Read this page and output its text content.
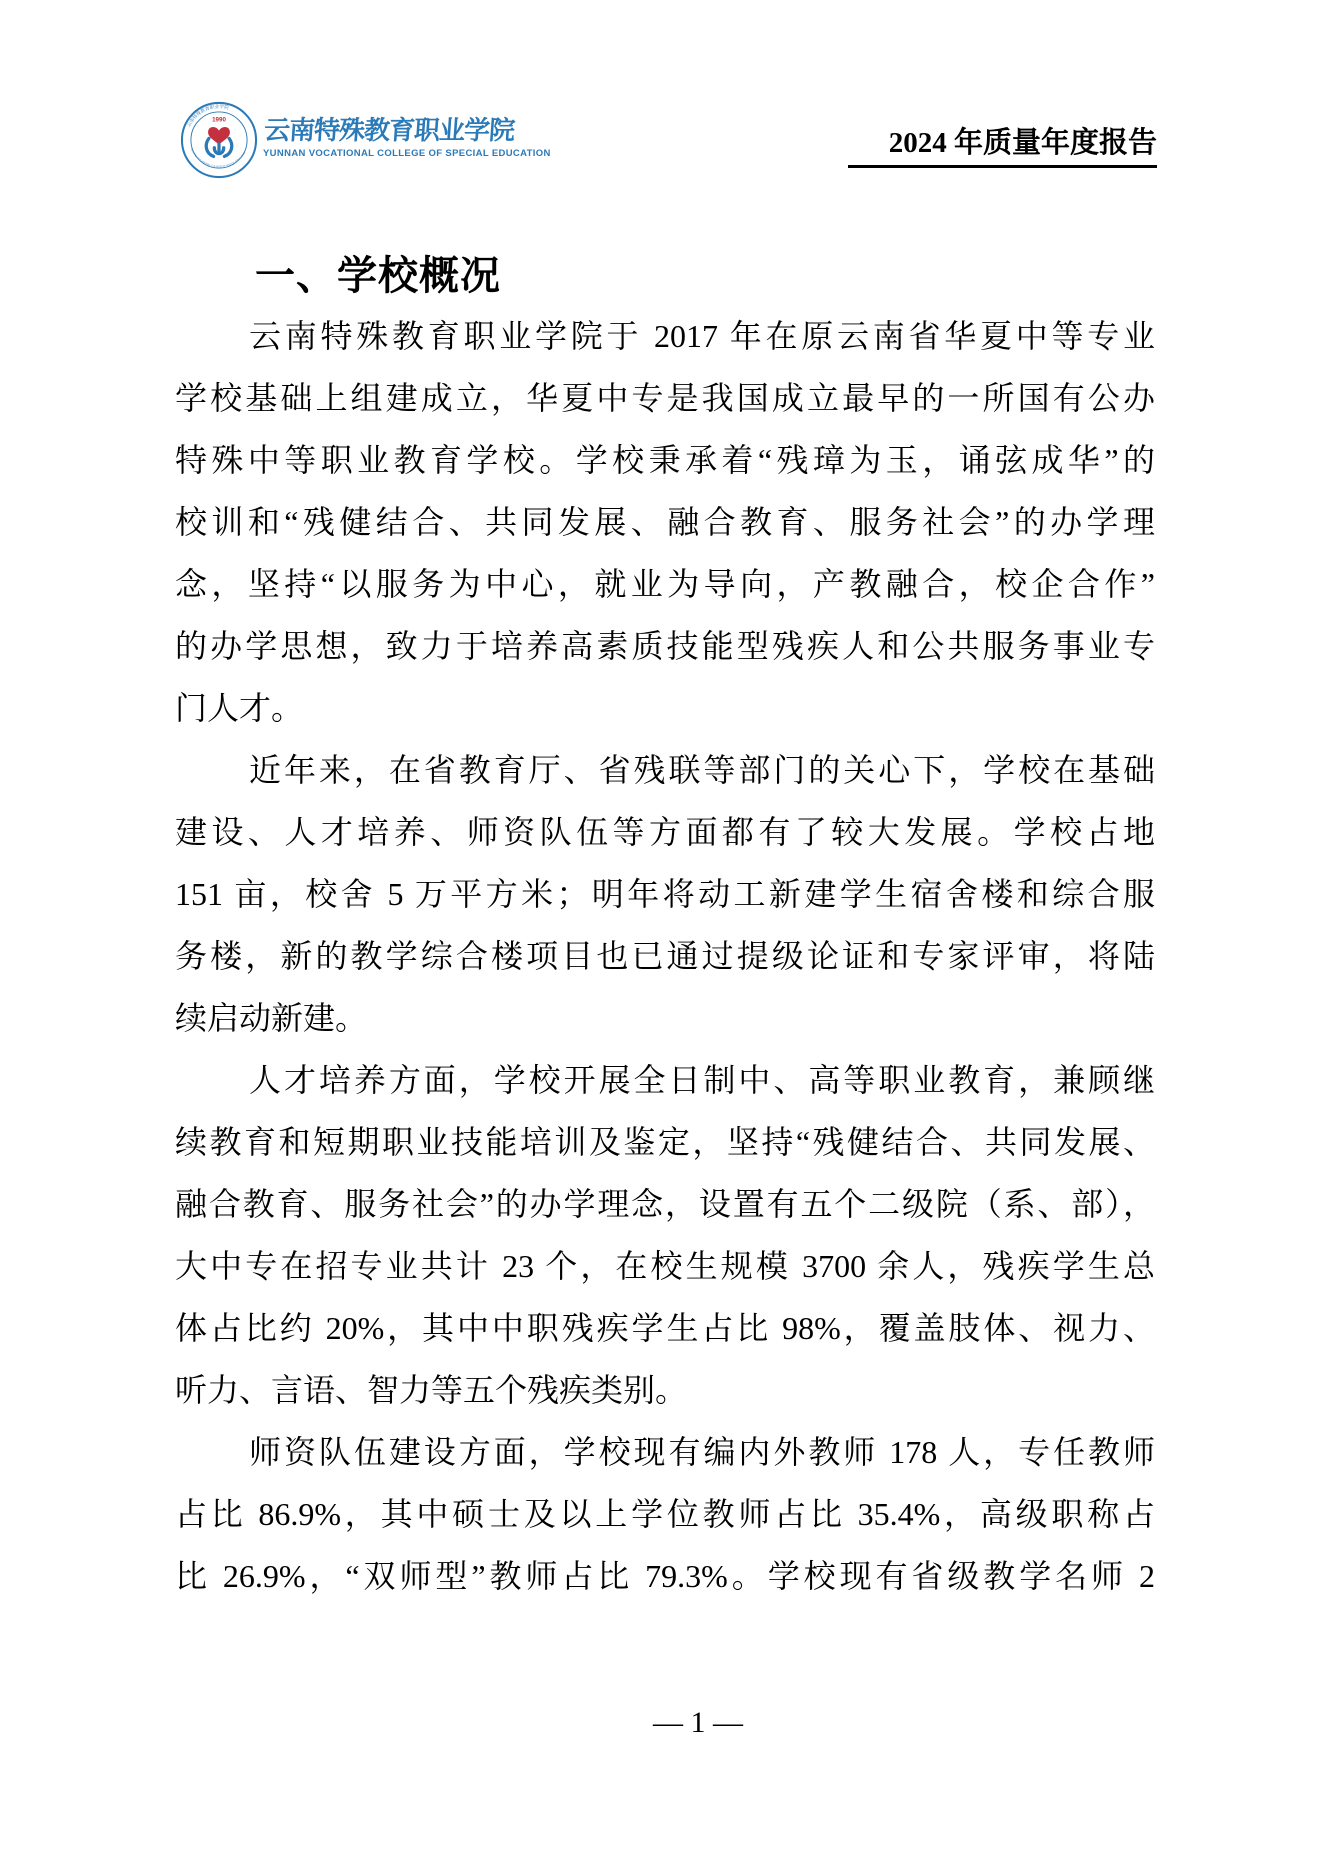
云南特殊教育职业学院
YUNNAN VOCATIONAL COLLEGE OF SPECIAL EDUCATION
1990 云南特殊教育职业学院
YUNNAN VOCATIONAL COLLEGE OF SPECIAL EDUCATION	2024 年质量年度报告
一、学校概况
云南特殊教育职业学院于 2017 年在原云南省华夏中等专业
学校基础上组建成立，华夏中专是我国成立最早的一所国有公办
特殊中等职业教育学校。学校秉承着“残璋为玉，诵弦成华”的
校训和“残健结合、共同发展、融合教育、服务社会”的办学理
念，坚持“以服务为中心，就业为导向，产教融合，校企合作”
的办学思想，致力于培养高素质技能型残疾人和公共服务事业专
门人才。
近年来，在省教育厅、省残联等部门的关心下，学校在基础
建设、人才培养、师资队伍等方面都有了较大发展。学校占地
151 亩，校舍 5 万平方米；明年将动工新建学生宿舍楼和综合服
务楼，新的教学综合楼项目也已通过提级论证和专家评审，将陆
续启动新建。
人才培养方面，学校开展全日制中、高等职业教育，兼顾继
续教育和短期职业技能培训及鉴定，坚持“残健结合、共同发展、
融合教育、服务社会”的办学理念，设置有五个二级院（系、部），
大中专在招专业共计 23 个，在校生规模 3700 余人，残疾学生总
体占比约 20%，其中中职残疾学生占比 98%，覆盖肢体、视力、
听力、言语、智力等五个残疾类别。
师资队伍建设方面，学校现有编内外教师 178 人，专任教师
占比 86.9%，其中硕士及以上学位教师占比 35.4%，高级职称占
比 26.9%，“双师型”教师占比 79.3%。学校现有省级教学名师 2
— 1 —
